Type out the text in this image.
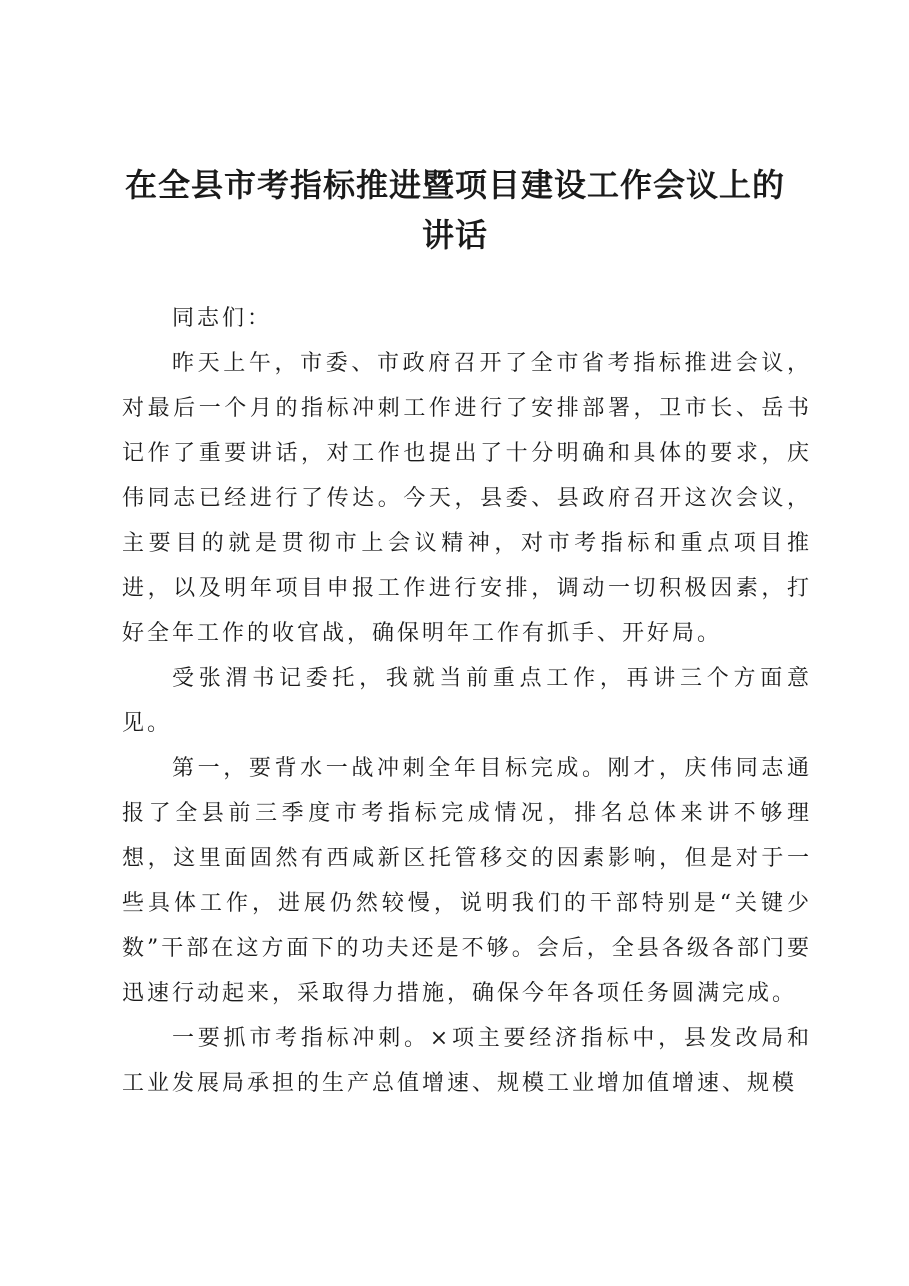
在全县市考指标推进暨项目建设工作会议上的
讲话

同志们：

昨天上午，市委、市政府召开了全市省考指标推进会议，对最后一个月的指标冲刺工作进行了安排部署，卫市长、岳书记作了重要讲话，对工作也提出了十分明确和具体的要求，庆伟同志已经进行了传达。今天，县委、县政府召开这次会议，主要目的就是贯彻市上会议精神，对市考指标和重点项目推进，以及明年项目申报工作进行安排，调动一切积极因素，打好全年工作的收官战，确保明年工作有抓手、开好局。

受张渭书记委托，我就当前重点工作，再讲三个方面意见。

第一，要背水一战冲刺全年目标完成。刚才，庆伟同志通报了全县前三季度市考指标完成情况，排名总体来讲不够理想，这里面固然有西咸新区托管移交的因素影响，但是对于一些具体工作，进展仍然较慢，说明我们的干部特别是“关键少数”干部在这方面下的功夫还是不够。会后，全县各级各部门要迅速行动起来，采取得力措施，确保今年各项任务圆满完成。

一要抓市考指标冲刺。×项主要经济指标中，县发改局和工业发展局承担的生产总值增速、规模工业增加值增速、规模
